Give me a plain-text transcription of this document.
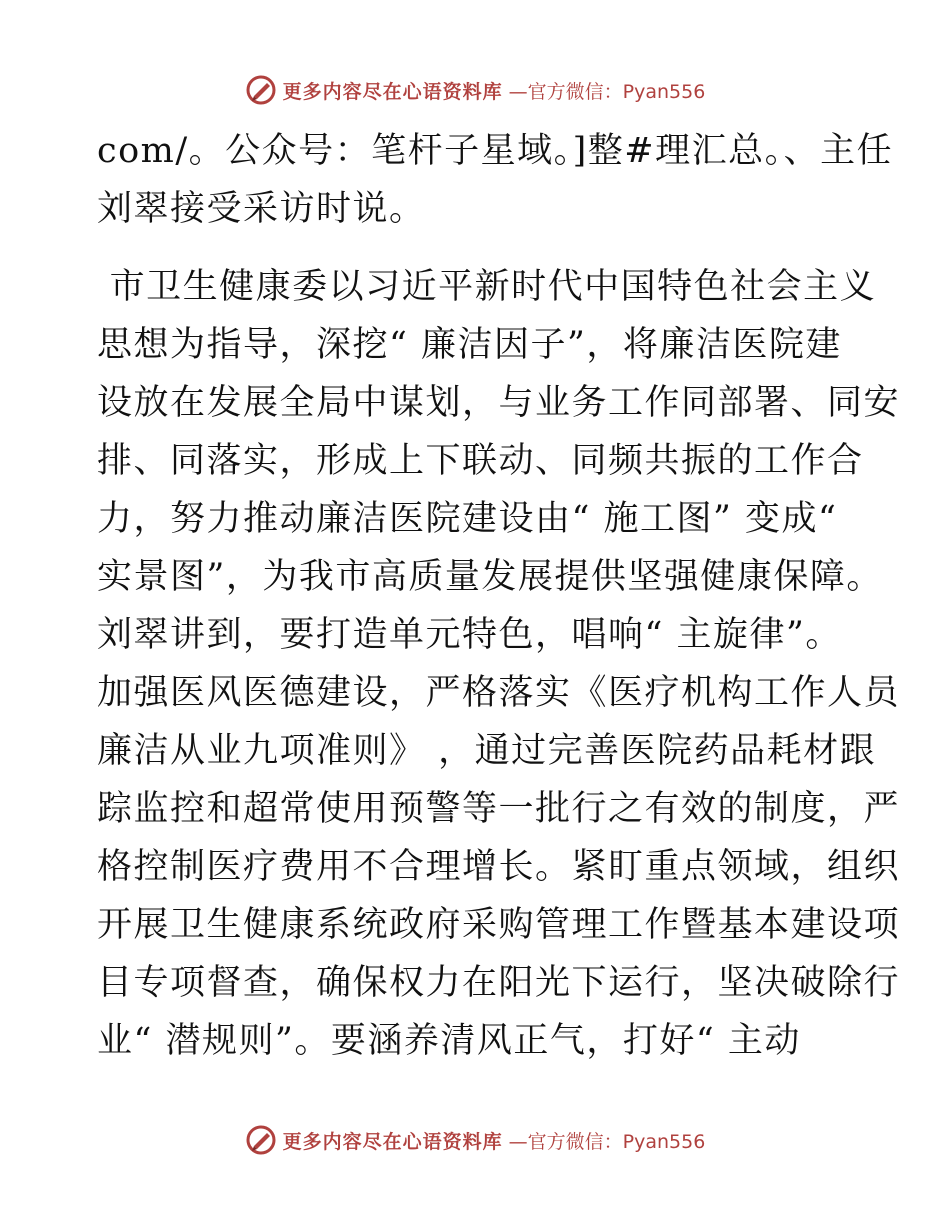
更多内容尽在心语资料库 —官方微信：Pyan556
com/。公众号：笔杆子星域。]整#理汇总。、主任
刘翠接受采访时说。
市卫生健康委以习近平新时代中国特色社会主义
思想为指导，深挖“ 廉洁因子”，将廉洁医院建
设放在发展全局中谋划，与业务工作同部署、同安
排、同落实，形成上下联动、同频共振的工作合
力，努力推动廉洁医院建设由“ 施工图” 变成“
实景图”，为我市高质量发展提供坚强健康保障。
刘翠讲到，要打造单元特色，唱响“ 主旋律”。
加强医风医德建设，严格落实《医疗机构工作人员
廉洁从业九项准则》 ，通过完善医院药品耗材跟
踪监控和超常使用预警等一批行之有效的制度，严
格控制医疗费用不合理增长。紧盯重点领域，组织
开展卫生健康系统政府采购管理工作暨基本建设项
目专项督查，确保权力在阳光下运行，坚决破除行
业“ 潜规则”。要涵养清风正气，打好“ 主动
更多内容尽在心语资料库 —官方微信：Pyan556
